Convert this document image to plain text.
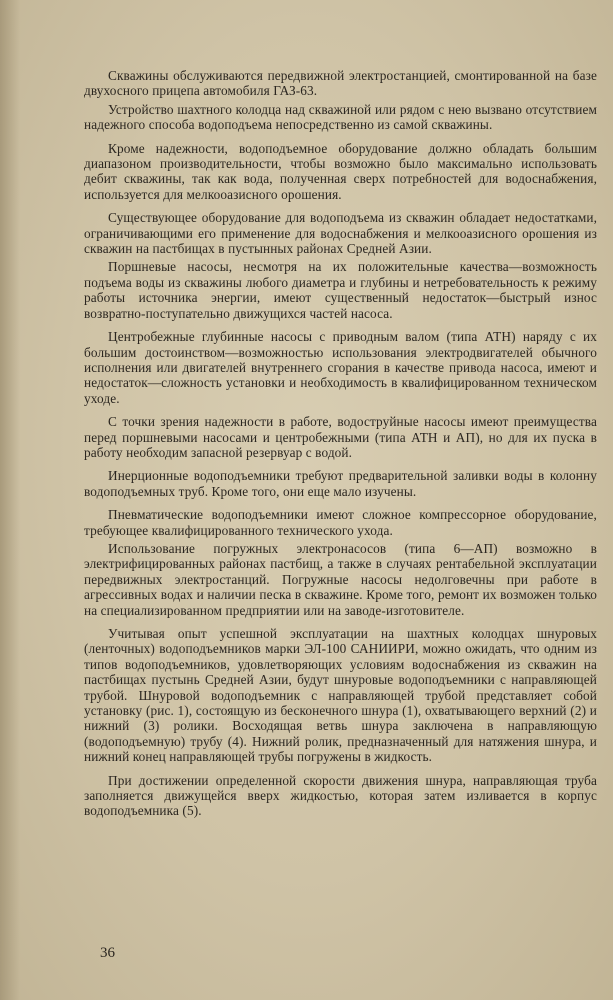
Скважины обслуживаются передвижной электростанцией, смонтированной на базе двухосного прицепа автомобиля ГАЗ-63.

Устройство шахтного колодца над скважиной или рядом с нею вызвано отсутствием надежного способа водоподъема непосредственно из самой скважины.

Кроме надежности, водоподъемное оборудование должно обладать большим диапазоном производительности, чтобы возможно было максимально использовать дебит скважины, так как вода, полученная сверх потребностей для водоснабжения, используется для мелкооазисного орошения.

Существующее оборудование для водоподъема из скважин обладает недостатками, ограничивающими его применение для водоснабжения и мелкооазисного орошения из скважин на пастбищах в пустынных районах Средней Азии.

Поршневые насосы, несмотря на их положительные качества—возможность подъема воды из скважины любого диаметра и глубины и нетребовательность к режиму работы источника энергии, имеют существенный недостаток—быстрый износ возвратно-поступательно движущихся частей насоса.

Центробежные глубинные насосы с приводным валом (типа АТН) наряду с их большим достоинством—возможностью использования электродвигателей обычного исполнения или двигателей внутреннего сгорания в качестве привода насоса, имеют и недостаток—сложность установки и необходимость в квалифицированном техническом уходе.

С точки зрения надежности в работе, водоструйные насосы имеют преимущества перед поршневыми насосами и центробежными (типа АТН и АП), но для их пуска в работу необходим запасной резервуар с водой.

Инерционные водоподъемники требуют предварительной заливки воды в колонну водоподъемных труб. Кроме того, они еще мало изучены.

Пневматические водоподъемники имеют сложное компрессорное оборудование, требующее квалифицированного технического ухода.

Использование погружных электронасосов (типа 6—АП) возможно в электрифицированных районах пастбищ, а также в случаях рентабельной эксплуатации передвижных электростанций. Погружные насосы недолговечны при работе в агрессивных водах и наличии песка в скважине. Кроме того, ремонт их возможен только на специализированном предприятии или на заводе-изготовителе.

Учитывая опыт успешной эксплуатации на шахтных колодцах шнуровых (ленточных) водоподъемников марки ЭЛ-100 САНИИРИ, можно ожидать, что одним из типов водоподъемников, удовлетворяющих условиям водоснабжения из скважин на пастбищах пустынь Средней Азии, будут шнуровые водоподъемники с направляющей трубой. Шнуровой водоподъемник с направляющей трубой представляет собой установку (рис. 1), состоящую из бесконечного шнура (1), охватывающего верхний (2) и нижний (3) ролики. Восходящая ветвь шнура заключена в направляющую (водоподъемную) трубу (4). Нижний ролик, предназначенный для натяжения шнура, и нижний конец направляющей трубы погружены в жидкость.

При достижении определенной скорости движения шнура, направляющая труба заполняется движущейся вверх жидкостью, которая затем изливается в корпус водоподъемника (5).

36
